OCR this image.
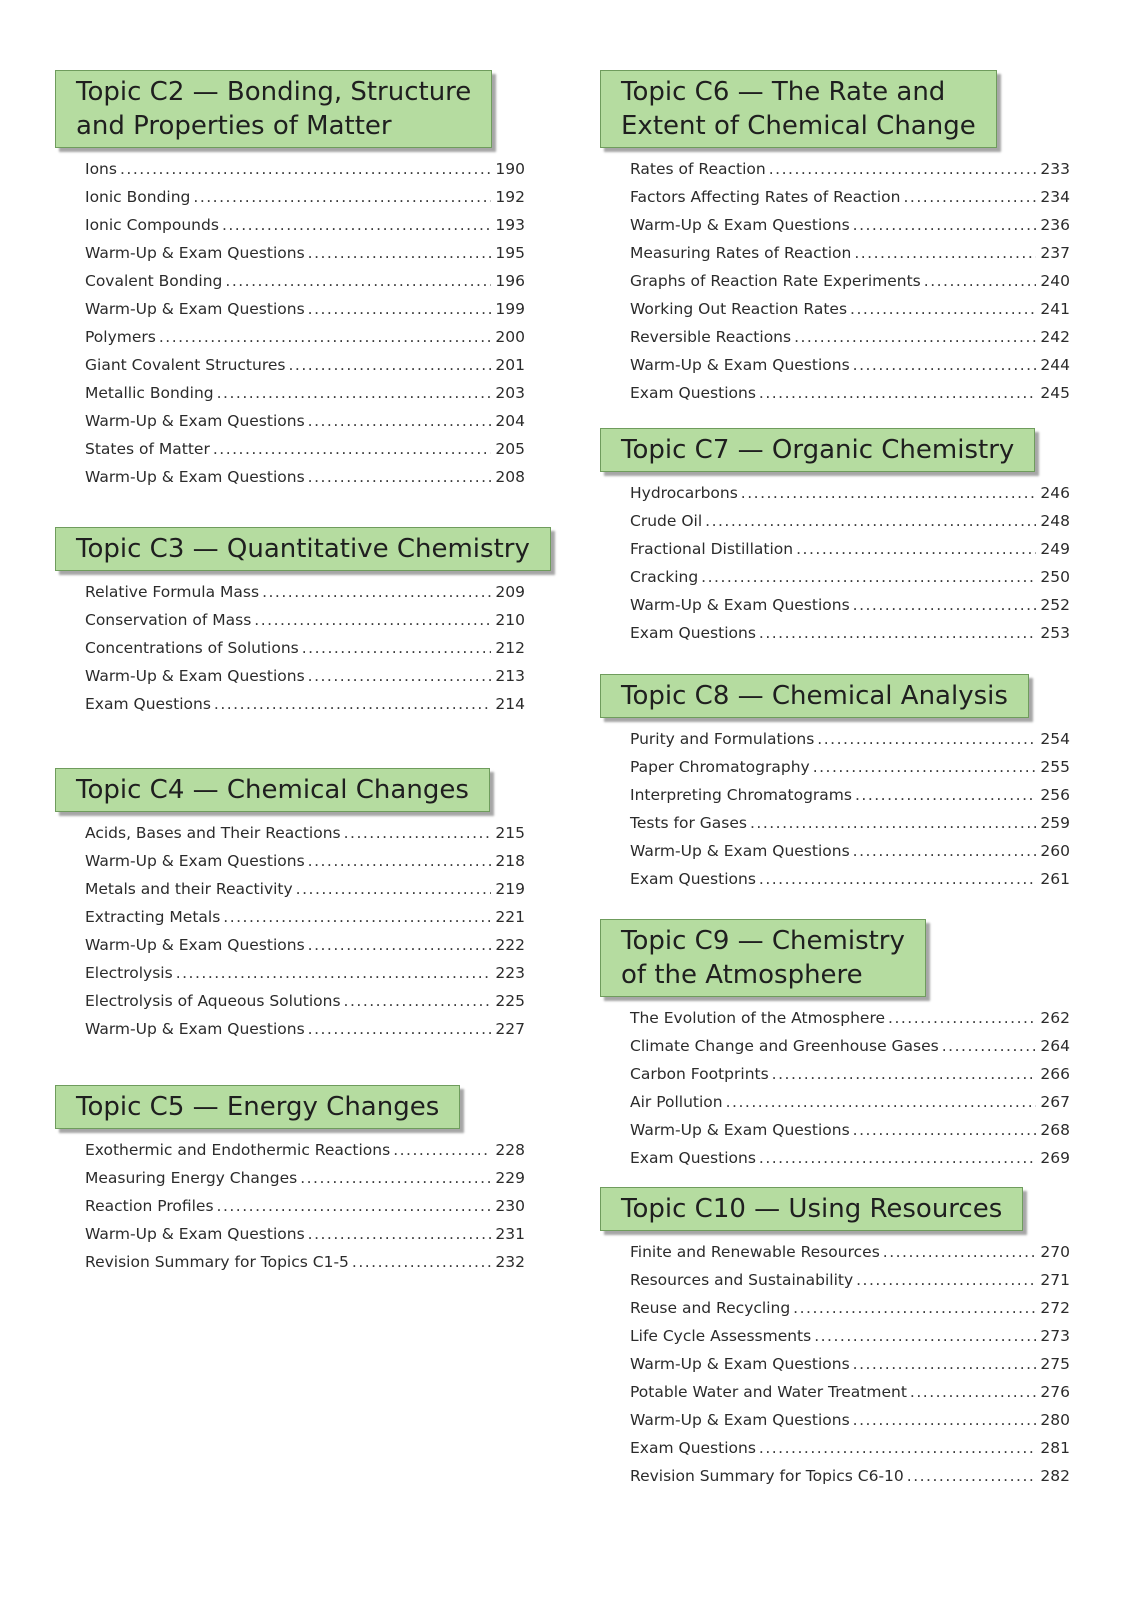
Topic C2 — Bonding, Structure
and Properties of Matter
Ions .....	190
Ionic Bonding .....	192
Ionic Compounds .....	193
Warm-Up & Exam Questions .....	195
Covalent Bonding .....	196
Warm-Up & Exam Questions .....	199
Polymers .....	200
Giant Covalent Structures .....	201
Metallic Bonding .....	203
Warm-Up & Exam Questions .....	204
States of Matter .....	205
Warm-Up & Exam Questions .....	208
Topic C3 — Quantitative Chemistry
Relative Formula Mass .....	209
Conservation of Mass .....	210
Concentrations of Solutions .....	212
Warm-Up & Exam Questions .....	213
Exam Questions .....	214
Topic C4 — Chemical Changes
Acids, Bases and Their Reactions .....	215
Warm-Up & Exam Questions .....	218
Metals and their Reactivity .....	219
Extracting Metals .....	221
Warm-Up & Exam Questions .....	222
Electrolysis .....	223
Electrolysis of Aqueous Solutions .....	225
Warm-Up & Exam Questions .....	227
Topic C5 — Energy Changes
Exothermic and Endothermic Reactions .....	228
Measuring Energy Changes .....	229
Reaction Profiles .....	230
Warm-Up & Exam Questions .....	231
Revision Summary for Topics C1-5 .....	232
Topic C6 — The Rate and
Extent of Chemical Change
Rates of Reaction .....	233
Factors Affecting Rates of Reaction .....	234
Warm-Up & Exam Questions .....	236
Measuring Rates of Reaction .....	237
Graphs of Reaction Rate Experiments .....	240
Working Out Reaction Rates .....	241
Reversible Reactions .....	242
Warm-Up & Exam Questions .....	244
Exam Questions .....	245
Topic C7 — Organic Chemistry
Hydrocarbons .....	246
Crude Oil .....	248
Fractional Distillation .....	249
Cracking .....	250
Warm-Up & Exam Questions .....	252
Exam Questions .....	253
Topic C8 — Chemical Analysis
Purity and Formulations .....	254
Paper Chromatography .....	255
Interpreting Chromatograms .....	256
Tests for Gases .....	259
Warm-Up & Exam Questions .....	260
Exam Questions .....	261
Topic C9 — Chemistry
of the Atmosphere
The Evolution of the Atmosphere .....	262
Climate Change and Greenhouse Gases .....	264
Carbon Footprints .....	266
Air Pollution .....	267
Warm-Up & Exam Questions .....	268
Exam Questions .....	269
Topic C10 — Using Resources
Finite and Renewable Resources .....	270
Resources and Sustainability .....	271
Reuse and Recycling .....	272
Life Cycle Assessments .....	273
Warm-Up & Exam Questions .....	275
Potable Water and Water Treatment .....	276
Warm-Up & Exam Questions .....	280
Exam Questions .....	281
Revision Summary for Topics C6-10 .....	282
